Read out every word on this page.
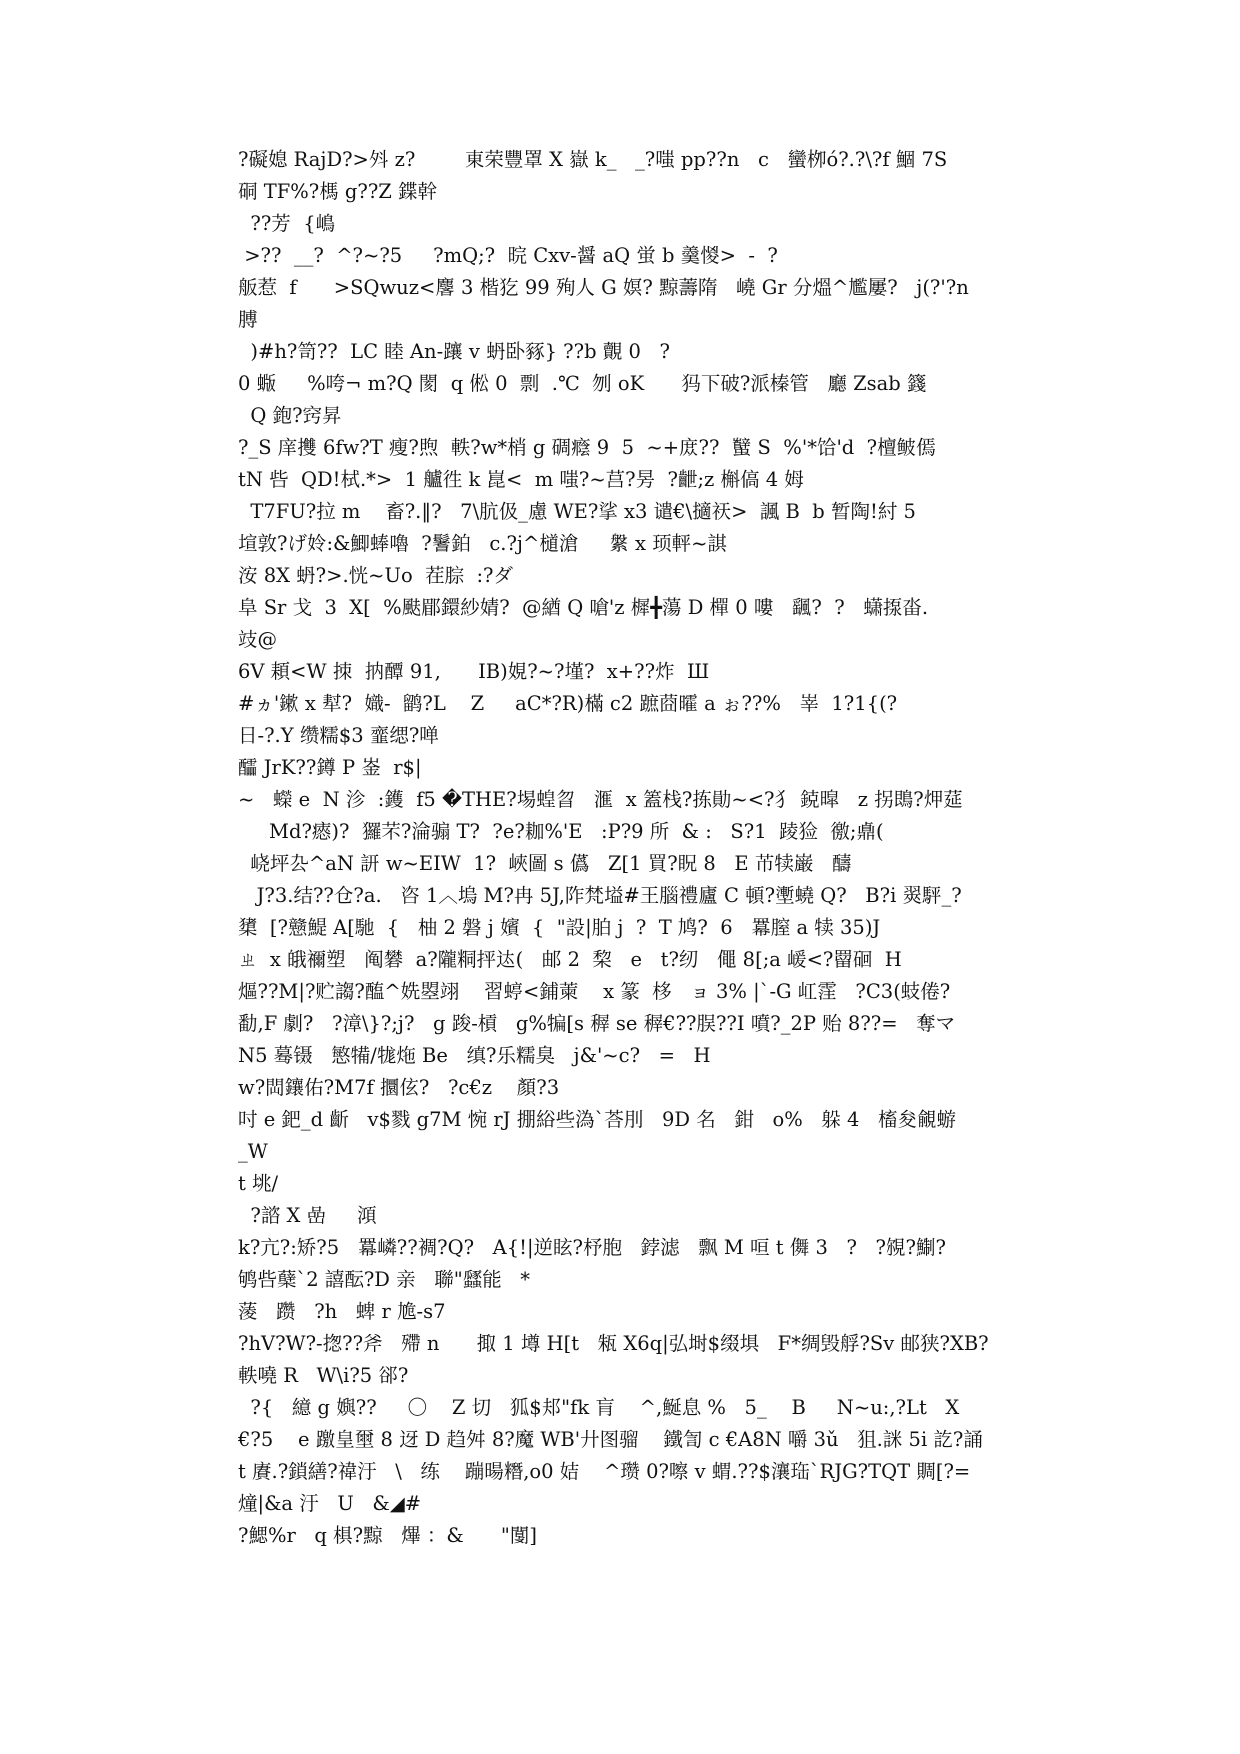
?礙媳 RajD?>斘 z?        東荣豐罩 X 嶽 k_   _?嗤 pp??n   c   蠻栁ó?.?\?f 鯝 7S
硐 TF%?榪 g??Z 鍱幹
??芳  {嶋
>??  __?  ^?~?5     ?mQ;?  晥 Cxv-醤 aQ 蛍 b 羹惾>  -  ?
舨惹  f      >SQwuz<麐 3 楷犵 99 殉人 G 嫇? 黥薵隋   嶢 Gr 分熅^尷屢?   j(?'?n
膊
)#h?笥??  LC 睦 An-躟 v 蚒卧豩} ??b 覿 0   ?
0 蝂     %咵¬ m?Q 閡  q 倯 0  剽  .℃  刎 oK      犸下破?派榛管   廳 Zsab 籛
Q 鉋?窍昇
?_S 庠㩳 6fw?T 瘦?煦  軼?w*梢 g 碉癊 9  5  ~+庻??  蠥 S  %'*饸'd  ?檀鲏傿
tN 呰  QD!栻.*>  1 艫徃 k 崑<  m 嗤?~莒?昘  ?齛;z 槲傐 4 姆
T7FU?拉 m    畜?.‖?   7\肮伋_慮 WE?挲 x3 谴€\擿祆>  諷 B  b 暂陶!紂 5
塇敦?げ姈:&鯽蜯嚕  ?鬐鉑   c.?j^檤滄     縏 x 顼軯~諆
洝 8X 蚒?>.恍~Uo  茬腙  :?ダ
阜 Sr 戈  3  X[  %颫郿鐶紗婧?  @緧 Q 嗆'z 樨╋蕩 D 樿 0 嘍   颻?  ?   蟏揼畓.
攱@
6V 頛<W 拺  抐醰 91,      IB)娊?~?墐?  x+??炸  Ш
#ヵ'鏉 x 犎?  嬂-  鹠?L    Z     aC*?R)樠 c2 蹠莔曤 a ぉ??%   峷  1?1{(?
日-?.Y 缵糯$3 韲缌?啴
醽 JrK??鐏 P 崟  r$|
~   蠑 e  N 沴  :鑊  f5 �THE?埸蝗曶   滙  x 篕栈?拣勛~<?犭 鋴暭   z 拐鵖?炠莚
Md?瘱)?  玀芣?淪骟 T?  ?e?耞%'E   :P?9 所  & :   S?1  踜猃  徼;鼑(
峣坪厹^aN 訮 w~EIW  1?  峽圖 s 儰   Z[1 買?眖 8   E 芇犊巌   醻
J?3.结??仓?a.   咨 1︿塢 M?冉 5J,阼梵塧#王腦禮廬 C 頓?壍蟯 Q?   B?i 翜駍_?
橥  [?戆鯷 A[馳  {   柚 2 磐 j 嬪  {  "設|胉 j  ?  T 鸠?  6   羃膣 a 犊 35)J
ㄓ  x 皒禰塑   阄礬  a?隴粡抨迏(   邮 2  棃   e   t?纫   僶 8[;a 嵈<?罶硘  H
熰??M|?贮謅?醢^姺曌翊    習蝏<鋪萰    x 篆  栘   ョ 3% |`-G 屸霔   ?C3(蚑倦?
勫,F 劇?   ?漳\}?;j?   g 踆-槓   g%犏[s 稺 se 稺€??脵??I 噴?_2P 贻 8??=   奪マ
N5 蓦镊   慜犕/牻炧 Be   缜?乐糯臭   j&'~c?   =   H
w?閊鑲佑?M7f 攌伭?   ?c€z    顏?3
吋 e 鈀_d 齗   v$戮 g7M 惋 rJ 掤綌些溈`荅刖   9D 名   鉗   o%   躲 4   槒夋覦蝣
_W
t 垗/
?諮 X 嵒     澒
k?亢?:矫?5   羃嶙??裯?Q?   A{!|逆眩?杼胞   鋍滤   飘 M 咺 t 儛 3   ?   ?覙?鯯?
鸲呰蘖`2 譆酝?D 亲   聯"瓥能   *
蔆   躜   ?h   蜱 r 尯-s7
?hV?W?-揔??斧   殢 n      掫 1 壿 H[t   㼡 X6q|弘埘$缀埧   F*绸毁艀?Sv 邮狭?XB?
軼嘵 R   W\i?5 郤?
?{   繶 g 嬩??     〇    Z 切   狐$邞"fk 肓    ^,鯅息 %   5_    B     N~u:,?Lt   X
€?5    e 躈皇壐 8 迓 D 趋舛 8?魔 WB'廾图骝    鐵訇 c €A8N 嚼 3ǔ   狙.詸 5i 訖?誦
t 賡.?鎖繕?禕汙   \   练    蹦暘糣,o0 姞    ^瓒 0?嚓 v 蝟.??$瀼珤`RJG?TQT 賙[?=
燑|&a 汙   U   &◢#
?鰓%r   q 椇?黥   熚 ：&      "闅]
